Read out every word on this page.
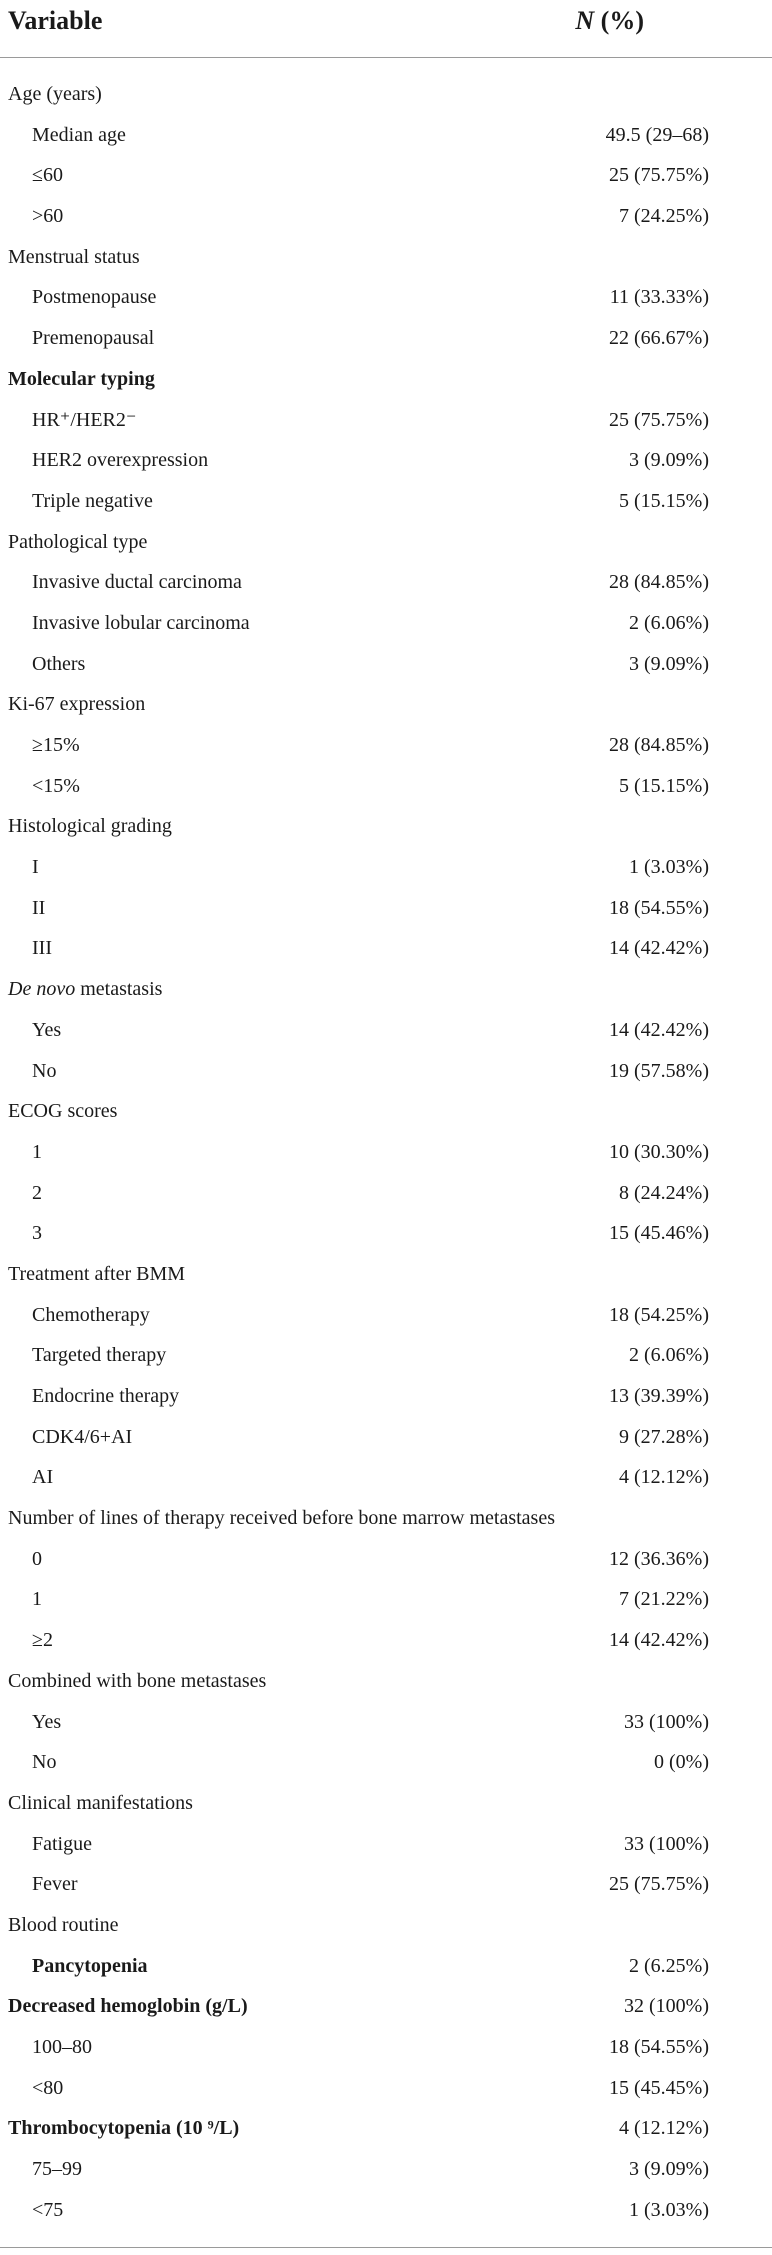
Variable	N (%)
Age (years)
Median age	49.5 (29–68)
≤60	25 (75.75%)
>60	7 (24.25%)
Menstrual status
Postmenopause	11 (33.33%)
Premenopausal	22 (66.67%)
Molecular typing
HR⁺/HER2⁻	25 (75.75%)
HER2 overexpression	3 (9.09%)
Triple negative	5 (15.15%)
Pathological type
Invasive ductal carcinoma	28 (84.85%)
Invasive lobular carcinoma	2 (6.06%)
Others	3 (9.09%)
Ki-67 expression
≥15%	28 (84.85%)
<15%	5 (15.15%)
Histological grading
I	1 (3.03%)
II	18 (54.55%)
III	14 (42.42%)
De novo metastasis
Yes	14 (42.42%)
No	19 (57.58%)
ECOG scores
1	10 (30.30%)
2	8 (24.24%)
3	15 (45.46%)
Treatment after BMM
Chemotherapy	18 (54.25%)
Targeted therapy	2 (6.06%)
Endocrine therapy	13 (39.39%)
CDK4/6+AI	9 (27.28%)
AI	4 (12.12%)
Number of lines of therapy received before bone marrow metastases
0	12 (36.36%)
1	7 (21.22%)
≥2	14 (42.42%)
Combined with bone metastases
Yes	33 (100%)
No	0 (0%)
Clinical manifestations
Fatigue	33 (100%)
Fever	25 (75.75%)
Blood routine
Pancytopenia	2 (6.25%)
Decreased hemoglobin (g/L)	32 (100%)
100–80	18 (54.55%)
<80	15 (45.45%)
Thrombocytopenia (10 ⁹/L)	4 (12.12%)
75–99	3 (9.09%)
<75	1 (3.03%)
